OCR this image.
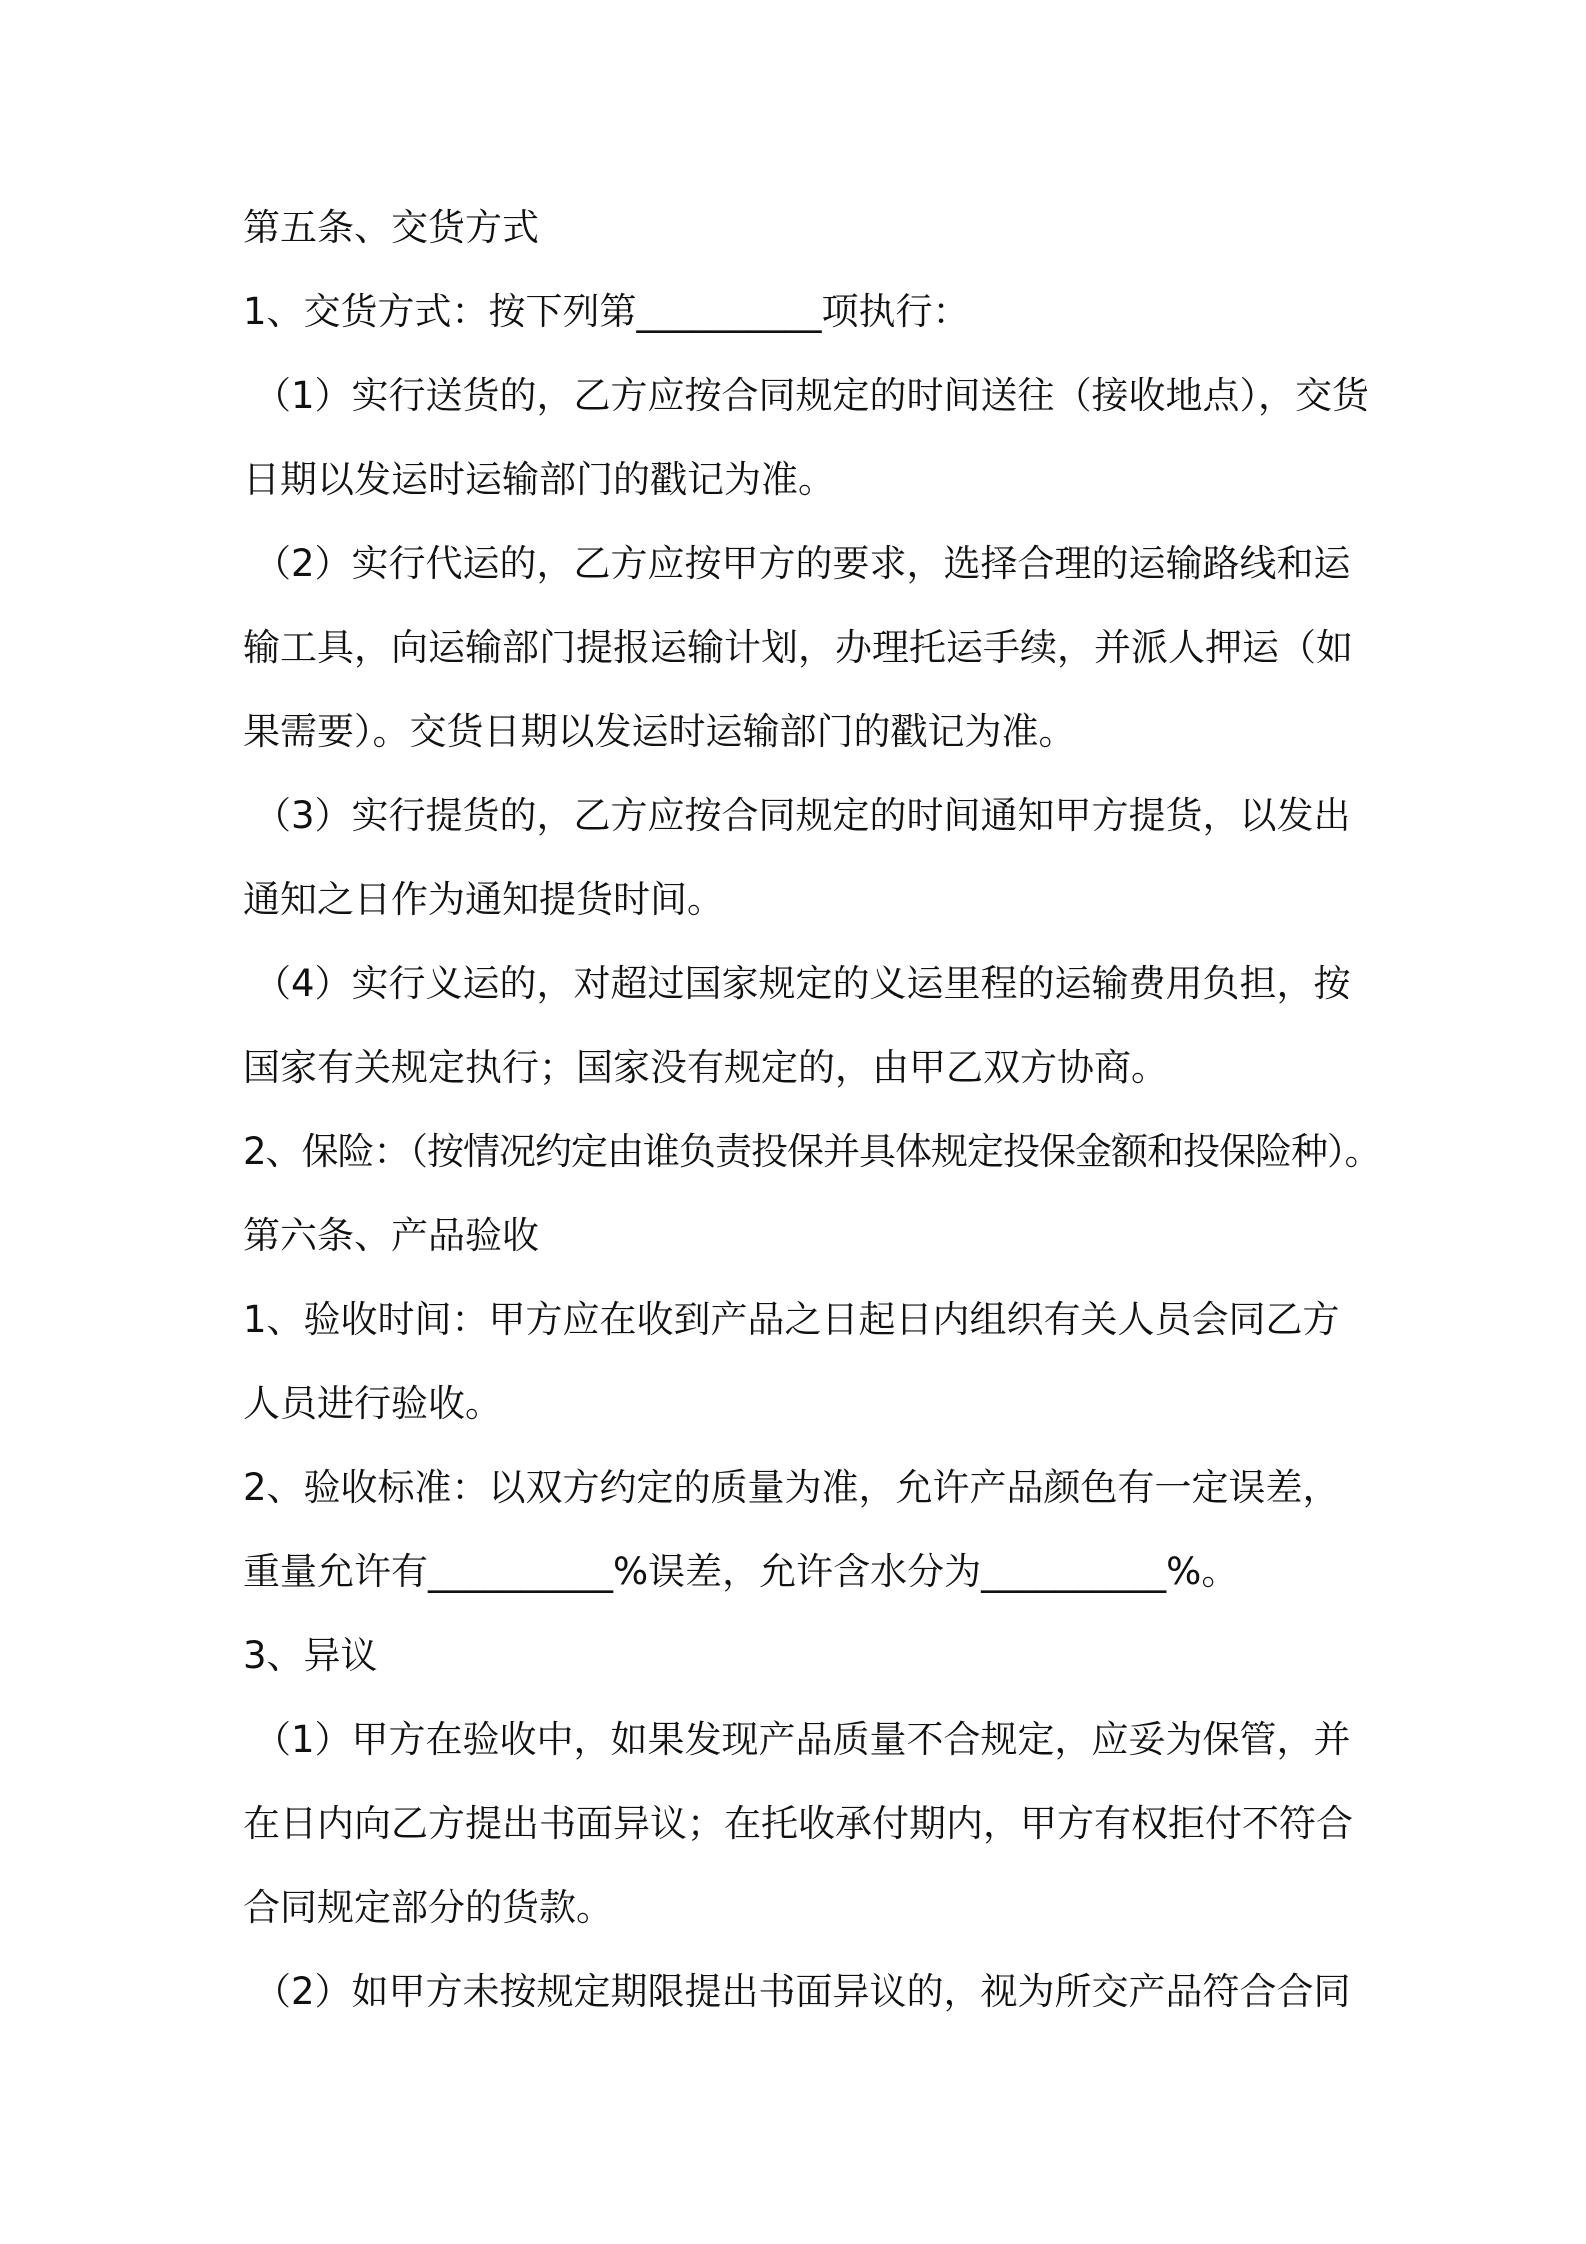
第五条、交货方式

1、交货方式：按下列第__________项执行：

（1）实行送货的，乙方应按合同规定的时间送往（接收地点），交货

日期以发运时运输部门的戳记为准。

（2）实行代运的，乙方应按甲方的要求，选择合理的运输路线和运

输工具，向运输部门提报运输计划，办理托运手续，并派人押运（如

果需要）。交货日期以发运时运输部门的戳记为准。

（3）实行提货的，乙方应按合同规定的时间通知甲方提货，以发出

通知之日作为通知提货时间。

（4）实行义运的，对超过国家规定的义运里程的运输费用负担，按

国家有关规定执行；国家没有规定的，由甲乙双方协商。

2、保险：（按情况约定由谁负责投保并具体规定投保金额和投保险种）。

第六条、产品验收

1、验收时间：甲方应在收到产品之日起日内组织有关人员会同乙方

人员进行验收。

2、验收标准：以双方约定的质量为准，允许产品颜色有一定误差，

重量允许有__________%误差，允许含水分为__________%。

3、异议

（1）甲方在验收中，如果发现产品质量不合规定，应妥为保管，并

在日内向乙方提出书面异议；在托收承付期内，甲方有权拒付不符合

合同规定部分的货款。

（2）如甲方未按规定期限提出书面异议的，视为所交产品符合合同
